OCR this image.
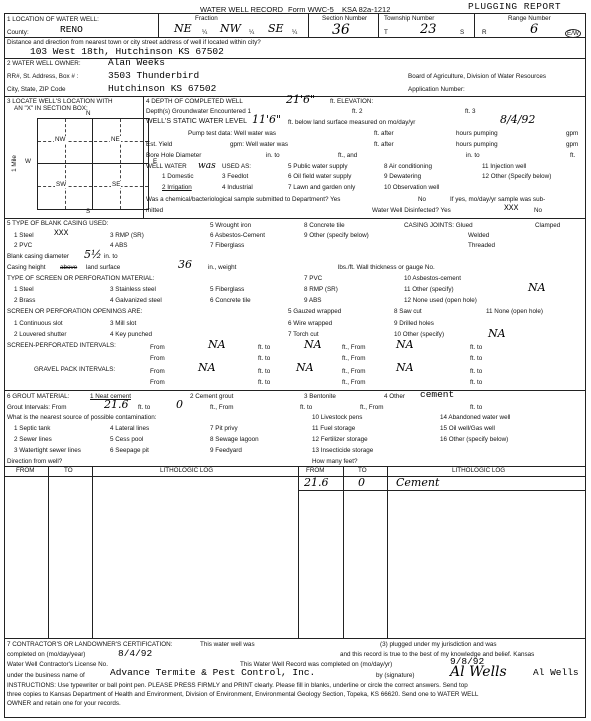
WATER WELL RECORD Form WWC-5 KSA 82a-1212	PLUGGING REPORT
1 LOCATION OF WATER WELL:
County:	RENO
Fraction
NE ¼ NW ¼ SE ¼
Section Number
36
Township Number
T 23	S
Range Number
R	6	E/W
Distance and direction from nearest town or city street address of well if located within city?
103 West 18th, Hutchinson KS 67502
2 WATER WELL OWNER:	Alan Weeks
RR#, St. Address, Box # :	3503 Thunderbird
City, State, ZIP Code	Hutchinson KS 67502
Board of Agriculture, Division of Water Resources
Application Number:
3 LOCATE WELL'S LOCATION WITH
AN "X" IN SECTION BOX:
N
S
W	E
1 Mile
NW	NE
SW	SE
4 DEPTH OF COMPLETED WELL	21'6" ft. ELEVATION:
Depth(s) Groundwater Encountered 1	ft. 2	ft. 3
WELL'S STATIC WATER LEVEL 11'6" ft. below land surface measured on mo/day/yr	8/4/92
Pump test data: Well water was	ft. after	hours pumping	gpm
Est. Yield	gpm: Well water was	ft. after	hours pumping	gpm
Bore Hole Diameter	in. to	ft., and	in. to	ft.
WELL WATER was USED AS:
1 Domestic
2 Irrigation
3 Feedlot
4 Industrial
5 Public water supply
6 Oil field water supply
7 Lawn and garden only
8 Air conditioning
9 Dewatering
10 Observation well
11 Injection well
12 Other (Specify below)
Was a chemical/bacteriological sample submitted to Department? Yes	No	If yes, mo/day/yr sample was sub-
mitted	Water Well Disinfected? Yes	XXX No
5 TYPE OF BLANK CASING USED:
1 Steel	XXX
2 PVC
3 RMP (SR)
4 ABS
5 Wrought iron
6 Asbestos-Cement
7 Fiberglass
8 Concrete tile
9 Other (specify below)
CASING JOINTS: Glued	Clamped
Welded
Threaded
Blank casing diameter 5½ in. to
Casing height above land surface	36	in., weight	lbs./ft. Wall thickness or gauge No.
TYPE OF SCREEN OR PERFORATION MATERIAL:
1 Steel
2 Brass
3 Stainless steel
4 Galvanized steel
5 Fiberglass
6 Concrete tile
7 PVC
8 RMP (SR)
9 ABS
10 Asbestos-cement
11 Other (specify)	NA
12 None used (open hole)
SCREEN OR PERFORATION OPENINGS ARE:
1 Continuous slot
2 Louvered shutter
3 Mill slot
4 Key punched
5 Gauzed wrapped
6 Wire wrapped
7 Torch cut
8 Saw cut
9 Drilled holes
10 Other (specify)	NA
11 None (open hole)
SCREEN-PERFORATED INTERVALS:	From	NA	ft. to	NA	ft., From	NA	ft. to
From	ft. to	ft., From	ft. to
GRAVEL PACK INTERVALS:	From	NA	ft. to NA	ft., From	NA	ft. to
From	ft. to	ft., From	ft. to
6 GROUT MATERIAL:	1 Neat cement	2 Cement grout	3 Bentonite	4 Other cement
Grout Intervals: From	21.6 ft. to 0	ft., From	ft. to	ft., From	ft. to
What is the nearest source of possible contamination:
1 Septic tank
2 Sewer lines
3 Watertight sewer lines
4 Lateral lines
5 Cess pool
6 Seepage pit
7 Pit privy
8 Sewage lagoon
9 Feedyard
10 Livestock pens
11 Fuel storage
12 Fertilizer storage
13 Insecticide storage
14 Abandoned water well
15 Oil well/Gas well
16 Other (specify below)
Direction from well?	How many feet?
FROM	TO	LITHOLOGIC LOG	FROM	TO	LITHOLOGIC LOG
21.6	0	Cement
7 CONTRACTOR'S OR LANDOWNER'S CERTIFICATION:	This water well was	(3) plugged under my jurisdiction and was
completed on (mo/day/year)	8/4/92	and this record is true to the best of my knowledge and belief. Kansas
Water Well Contractor's License No.	This Water Well Record was completed on (mo/day/yr)	9/8/92
under the business name of	Advance Termite & Pest Control, Inc.	by (signature)	Al Wells	Al Wells
INSTRUCTIONS: Use typewriter or ball point pen. PLEASE PRESS FIRMLY and PRINT clearly. Please fill in blanks, underline or circle the correct answers. Send top
three copies to Kansas Department of Health and Environment, Division of Environment, Environmental Geology Section, Topeka, KS 66620. Send one to WATER WELL
OWNER and retain one for your records.
